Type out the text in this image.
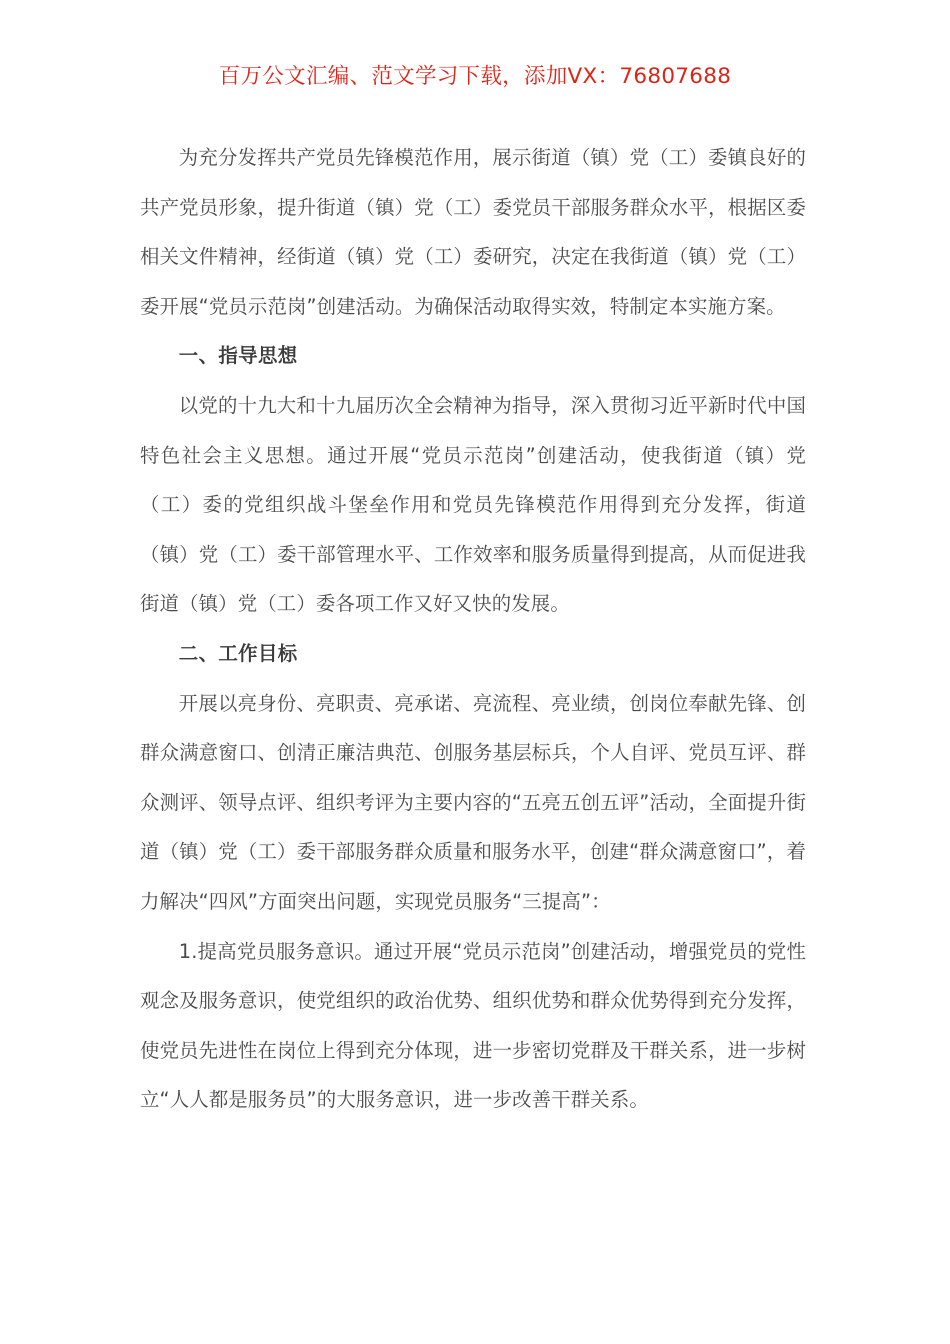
百万公文汇编、范文学习下载，添加VX：76807688

为充分发挥共产党员先锋模范作用，展示街道（镇）党（工）委镇良好的共产党员形象，提升街道（镇）党（工）委党员干部服务群众水平，根据区委相关文件精神，经街道（镇）党（工）委研究，决定在我街道（镇）党（工）委开展“党员示范岗”创建活动。为确保活动取得实效，特制定本实施方案。

一、指导思想

以党的十九大和十九届历次全会精神为指导，深入贯彻习近平新时代中国特色社会主义思想。通过开展“党员示范岗”创建活动，使我街道（镇）党（工）委的党组织战斗堡垒作用和党员先锋模范作用得到充分发挥，街道（镇）党（工）委干部管理水平、工作效率和服务质量得到提高，从而促进我街道（镇）党（工）委各项工作又好又快的发展。

二、工作目标

开展以亮身份、亮职责、亮承诺、亮流程、亮业绩，创岗位奉献先锋、创群众满意窗口、创清正廉洁典范、创服务基层标兵，个人自评、党员互评、群众测评、领导点评、组织考评为主要内容的“五亮五创五评”活动，全面提升街道（镇）党（工）委干部服务群众质量和服务水平，创建“群众满意窗口”，着力解决“四风”方面突出问题，实现党员服务“三提高”：

1.提高党员服务意识。通过开展“党员示范岗”创建活动，增强党员的党性观念及服务意识，使党组织的政治优势、组织优势和群众优势得到充分发挥，使党员先进性在岗位上得到充分体现，进一步密切党群及干群关系，进一步树立“人人都是服务员”的大服务意识，进一步改善干群关系。
